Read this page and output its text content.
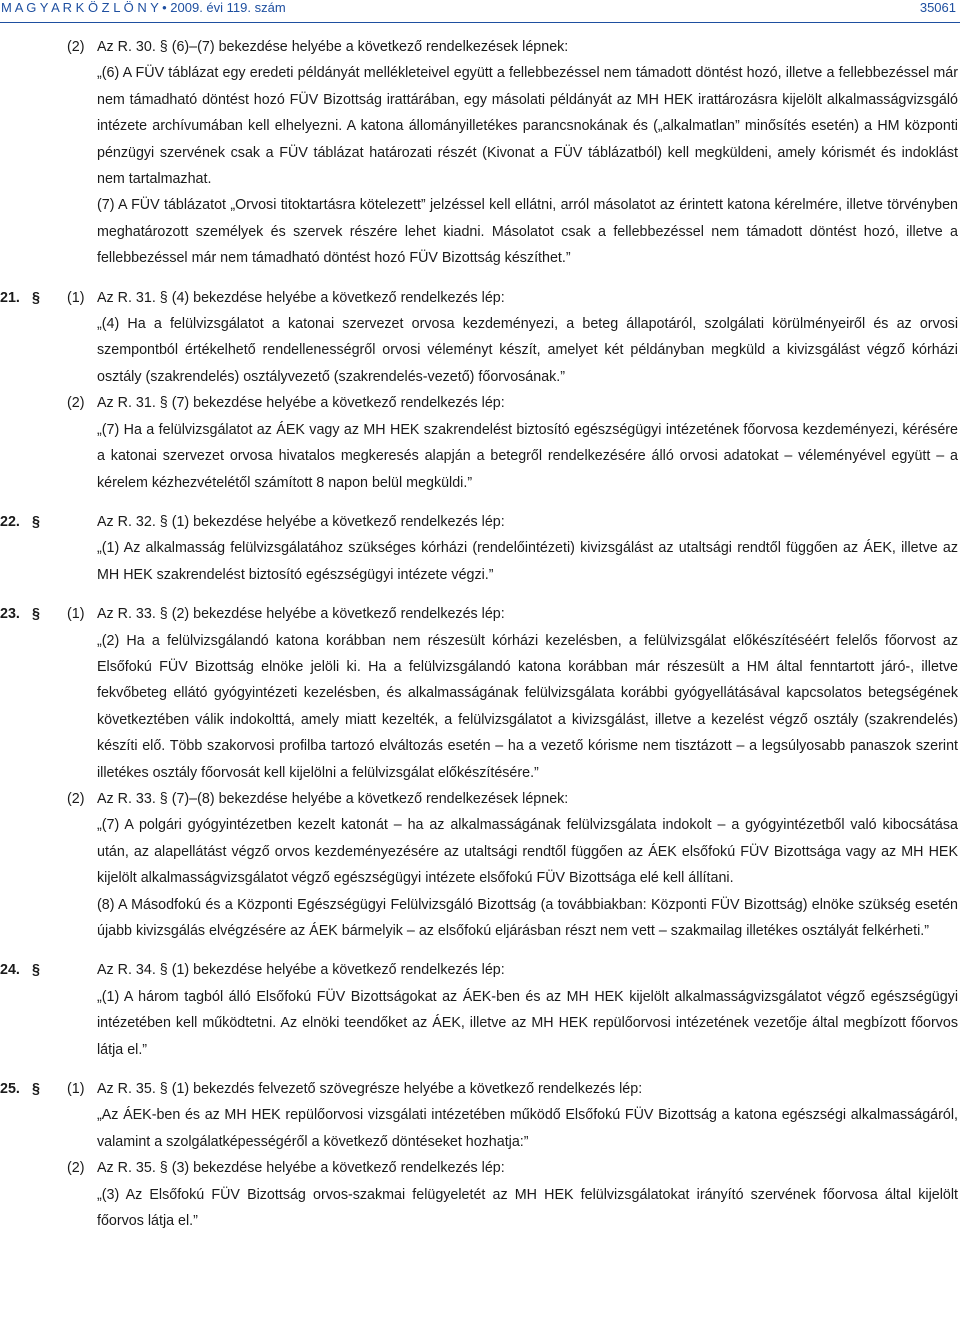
M A G Y A R K Ö Z L Ö N Y • 2009. évi 119. szám	35061
(2) Az R. 30. § (6)–(7) bekezdése helyébe a következő rendelkezések lépnek:
„(6) A FÜV táblázat egy eredeti példányát mellékleteivel együtt a fellebbezéssel nem támadott döntést hozó, illetve a fellebbezéssel már nem támadható döntést hozó FÜV Bizottság irattárában, egy másolati példányát az MH HEK irattározásra kijelölt alkalmasságvizsgáló intézete archívumában kell elhelyezni. A katona állományilletékes parancsnokának és („alkalmatlan” minősítés esetén) a HM központi pénzügyi szervének csak a FÜV táblázat határozati részét (Kivonat a FÜV táblázatból) kell megküldeni, amely kórismét és indoklást nem tartalmazhat.
(7) A FÜV táblázatot „Orvosi titoktartásra kötelezett” jelzéssel kell ellátni, arról másolatot az érintett katona kérelmére, illetve törvényben meghatározott személyek és szervek részére lehet kiadni. Másolatot csak a fellebbezéssel nem támadott döntést hozó, illetve a fellebbezéssel már nem támadható döntést hozó FÜV Bizottság készíthet.”
21. § (1) Az R. 31. § (4) bekezdése helyébe a következő rendelkezés lép:
„(4) Ha a felülvizsgálatot a katonai szervezet orvosa kezdeményezi, a beteg állapotáról, szolgálati körülményeiről és az orvosi szempontból értékelhető rendellenességről orvosi véleményt készít, amelyet két példányban megküld a kivizsgálást végző kórházi osztály (szakrendelés) osztályvezető (szakrendelés-vezető) főorvosának.”
(2) Az R. 31. § (7) bekezdése helyébe a következő rendelkezés lép:
„(7) Ha a felülvizsgálatot az ÁEK vagy az MH HEK szakrendelést biztosító egészségügyi intézetének főorvosa kezdeményezi, kérésére a katonai szervezet orvosa hivatalos megkeresés alapján a betegről rendelkezésére álló orvosi adatokat – véleményével együtt – a kérelem kézhezvételétől számított 8 napon belül megküldi.”
22. §	Az R. 32. § (1) bekezdése helyébe a következő rendelkezés lép:
„(1) Az alkalmasság felülvizsgálatához szükséges kórházi (rendelőintézeti) kivizsgálást az utaltsági rendtől függően az ÁEK, illetve az MH HEK szakrendelést biztosító egészségügyi intézete végzi.”
23. § (1) Az R. 33. § (2) bekezdése helyébe a következő rendelkezés lép:
„(2) Ha a felülvizsgálandó katona korábban nem részesült kórházi kezelésben, a felülvizsgálat előkészítéséért felelős főorvost az Elsőfokú FÜV Bizottság elnöke jelöli ki. Ha a felülvizsgálandó katona korábban már részesült a HM által fenntartott járó-, illetve fekvőbeteg ellátó gyógyintézeti kezelésben, és alkalmasságának felülvizsgálata korábbi gyógyellátásával kapcsolatos betegségének következtében válik indokolttá, amely miatt kezelték, a felülvizsgálatot a kivizsgálást, illetve a kezelést végző osztály (szakrendelés) készíti elő. Több szakorvosi profilba tartozó elváltozás esetén – ha a vezető kórisme nem tisztázott – a legsúlyosabb panaszok szerint illetékes osztály főorvosát kell kijelölni a felülvizsgálat előkészítésére.”
(2) Az R. 33. § (7)–(8) bekezdése helyébe a következő rendelkezések lépnek:
„(7) A polgári gyógyintézetben kezelt katonát – ha az alkalmasságának felülvizsgálata indokolt – a gyógyintézetből való kibocsátása után, az alapellátást végző orvos kezdeményezésére az utaltsági rendtől függően az ÁEK elsőfokú FÜV Bizottsága vagy az MH HEK kijelölt alkalmasságvizsgálatot végző egészségügyi intézete elsőfokú FÜV Bizottsága elé kell állítani.
(8) A Másodfokú és a Központi Egészségügyi Felülvizsgáló Bizottság (a továbbiakban: Központi FÜV Bizottság) elnöke szükség esetén újabb kivizsgálás elvégzésére az ÁEK bármelyik – az elsőfokú eljárásban részt nem vett – szakmailag illetékes osztályát felkérheti.”
24. §	Az R. 34. § (1) bekezdése helyébe a következő rendelkezés lép:
„(1) A három tagból álló Elsőfokú FÜV Bizottságokat az ÁEK-ben és az MH HEK kijelölt alkalmasságvizsgálatot végző egészségügyi intézetében kell működtetni. Az elnöki teendőket az ÁEK, illetve az MH HEK repülőorvosi intézetének vezetője által megbízott főorvos látja el.”
25. § (1) Az R. 35. § (1) bekezdés felvezető szövegrésze helyébe a következő rendelkezés lép:
„Az ÁEK-ben és az MH HEK repülőorvosi vizsgálati intézetében működő Elsőfokú FÜV Bizottság a katona egészségi alkalmasságáról, valamint a szolgálatképességéről a következő döntéseket hozhatja:”
(2) Az R. 35. § (3) bekezdése helyébe a következő rendelkezés lép:
„(3) Az Elsőfokú FÜV Bizottság orvos-szakmai felügyeletét az MH HEK felülvizsgálatokat irányító szervének főorvosa által kijelölt főorvos látja el.”
